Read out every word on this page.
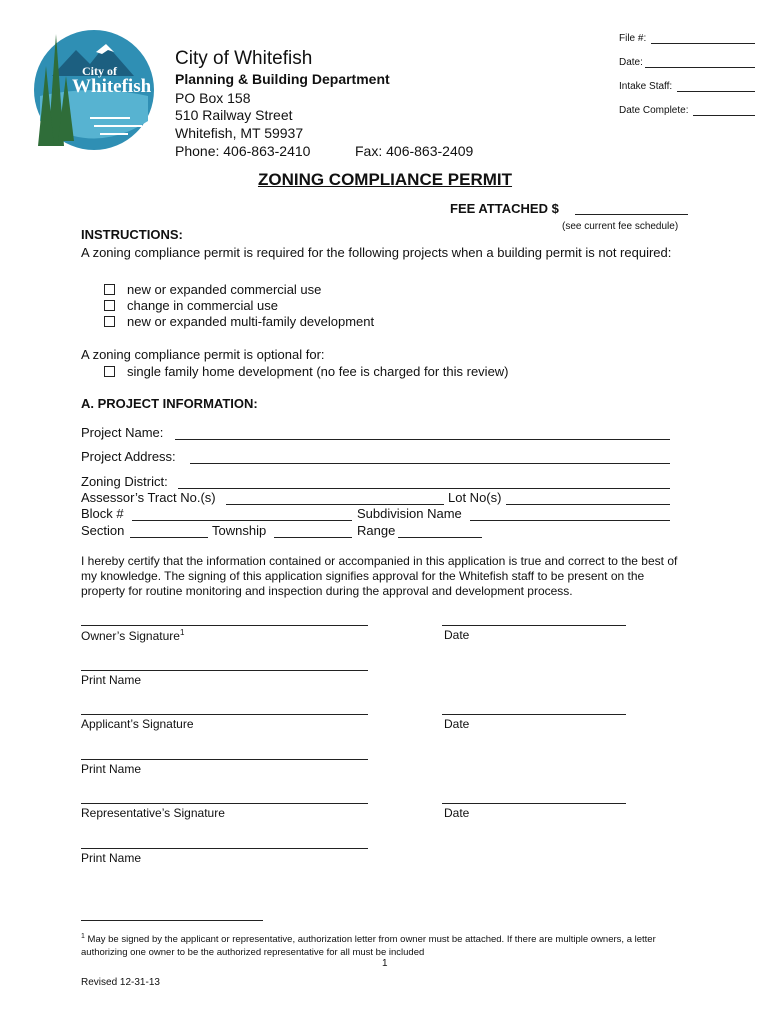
City of
Whitefish
City of Whitefish
Planning & Building Department
PO Box 158
510 Railway Street
Whitefish, MT 59937
Phone: 406-863-2410	Fax: 406-863-2409
File #:
Date:
Intake Staff:
Date Complete:
ZONING COMPLIANCE PERMIT
FEE ATTACHED $
(see current fee schedule)
INSTRUCTIONS:
A zoning compliance permit is required for the following projects when a building permit is not required:
new or expanded commercial use
change in commercial use
new or expanded multi-family development
A zoning compliance permit is optional for:
single family home development (no fee is charged for this review)
A. PROJECT INFORMATION:
Project Name:
Project Address:
Zoning District:
Assessor’s Tract No.(s)	Lot No(s)
Block #	Subdivision Name
Section	Township	Range
I hereby certify that the information contained or accompanied in this application is true and correct to the best of my knowledge. The signing of this application signifies approval for the Whitefish staff to be present on the property for routine monitoring and inspection during the approval and development process.
Owner’s Signature$^1$	Date
Print Name
Applicant’s Signature	Date
Print Name
Representative’s Signature	Date
Print Name
$^1$ May be signed by the applicant or representative, authorization letter from owner must be attached. If there are multiple owners, a letter authorizing one owner to be the authorized representative for all must be included
1
Revised 12-31-13
